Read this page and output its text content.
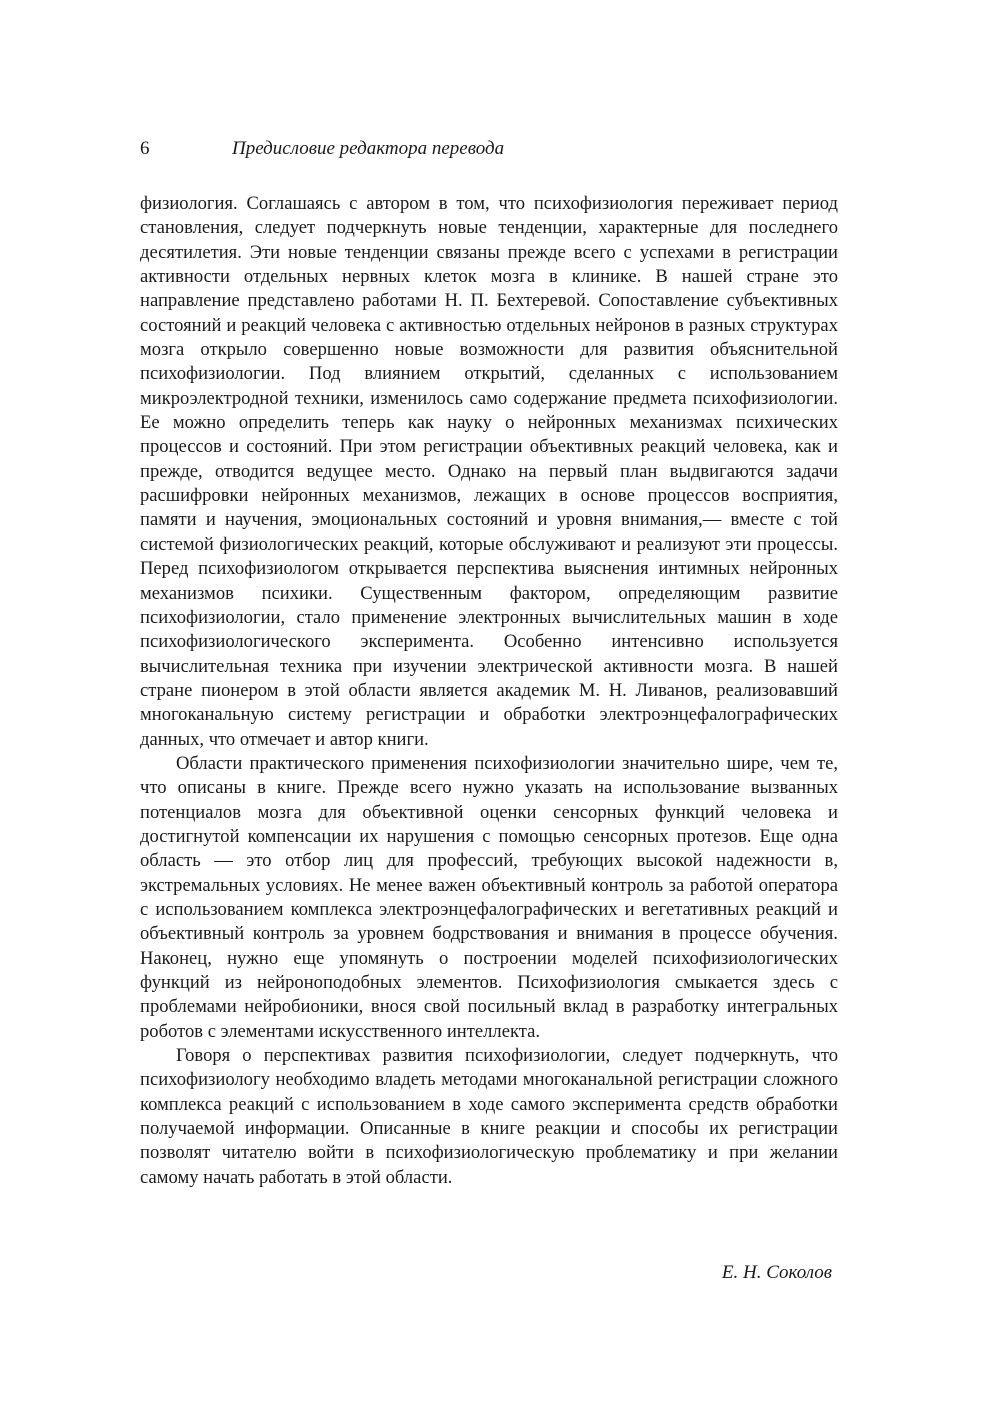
6	Предисловие редактора перевода

физиология. Соглашаясь с автором в том, что психофизиология переживает период становления, следует подчеркнуть новые тенденции, характерные для последнего десятилетия. Эти новые тенденции связаны прежде всего с успехами в регистрации активности отдельных нервных клеток мозга в клинике. В нашей стране это направление представлено работами Н. П. Бехтеревой. Сопоставление субъективных состояний и реакций человека с активностью отдельных нейронов в разных структурах мозга открыло совершенно новые возможности для развития объяснительной психофизиологии. Под влиянием открытий, сделанных с использованием микроэлектродной техники, изменилось само содержание предмета психофизиологии. Ее можно определить теперь как науку о нейронных механизмах психических процессов и состояний. При этом регистрации объективных реакций человека, как и прежде, отводится ведущее место. Однако на первый план выдвигаются задачи расшифровки нейронных механизмов, лежащих в основе процессов восприятия, памяти и научения, эмоциональных состояний и уровня внимания,— вместе с той системой физиологических реакций, которые обслуживают и реализуют эти процессы. Перед психофизиологом открывается перспектива выяснения интимных нейронных механизмов психики. Существенным фактором, определяющим развитие психофизиологии, стало применение электронных вычислительных машин в ходе психофизиологического эксперимента. Особенно интенсивно используется вычислительная техника при изучении электрической активности мозга. В нашей стране пионером в этой области является академик М. Н. Ливанов, реализовавший многоканальную систему регистрации и обработки электроэнцефалографических данных, что отмечает и автор книги.

Области практического применения психофизиологии значительно шире, чем те, что описаны в книге. Прежде всего нужно указать на использование вызванных потенциалов мозга для объективной оценки сенсорных функций человека и достигнутой компенсации их нарушения с помощью сенсорных протезов. Еще одна область — это отбор лиц для профессий, требующих высокой надежности в, экстремальных условиях. Не менее важен объективный контроль за работой оператора с использованием комплекса электроэнцефалографических и вегетативных реакций и объективный контроль за уровнем бодрствования и внимания в процессе обучения. Наконец, нужно еще упомянуть о построении моделей психофизиологических функций из нейроноподобных элементов. Психофизиология смыкается здесь с проблемами нейробионики, внося свой посильный вклад в разработку интегральных роботов с элементами искусственного интеллекта.

Говоря о перспективах развития психофизиологии, следует подчеркнуть, что психофизиологу необходимо владеть методами многоканальной регистрации сложного комплекса реакций с использованием в ходе самого эксперимента средств обработки получаемой информации. Описанные в книге реакции и способы их регистрации позволят читателю войти в психофизиологическую проблематику и при желании самому начать работать в этой области.

Е. Н. Соколов
